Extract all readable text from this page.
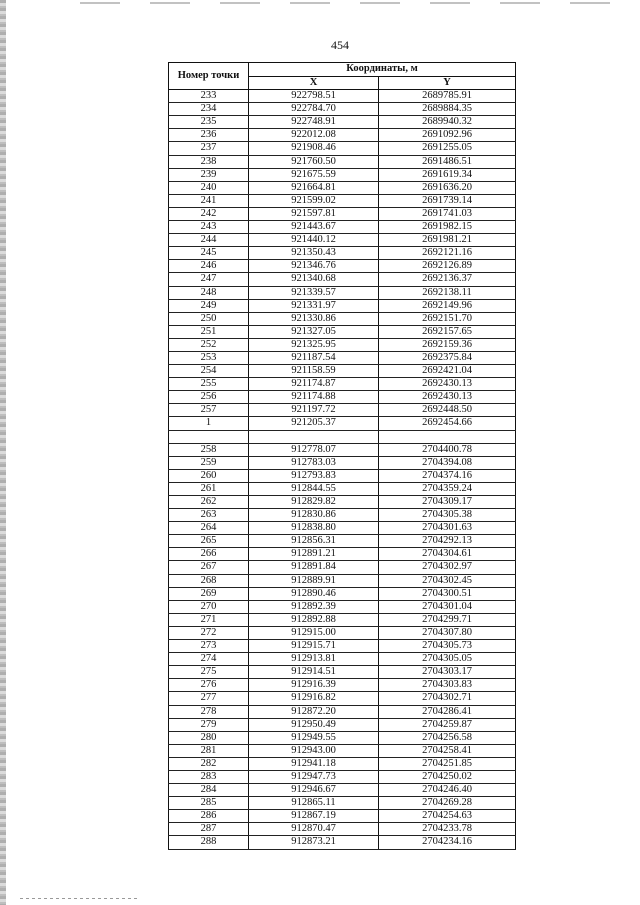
454
Номер точки	Координаты, м	
	X	Y
233	922798.51	2689785.91
234	922784.70	2689884.35
235	922748.91	2689940.32
236	922012.08	2691092.96
237	921908.46	2691255.05
238	921760.50	2691486.51
239	921675.59	2691619.34
240	921664.81	2691636.20
241	921599.02	2691739.14
242	921597.81	2691741.03
243	921443.67	2691982.15
244	921440.12	2691981.21
245	921350.43	2692121.16
246	921346.76	2692126.89
247	921340.68	2692136.37
248	921339.57	2692138.11
249	921331.97	2692149.96
250	921330.86	2692151.70
251	921327.05	2692157.65
252	921325.95	2692159.36
253	921187.54	2692375.84
254	921158.59	2692421.04
255	921174.87	2692430.13
256	921174.88	2692430.13
257	921197.72	2692448.50
1	921205.37	2692454.66

258	912778.07	2704400.78
259	912783.03	2704394.08
260	912793.83	2704374.16
261	912844.55	2704359.24
262	912829.82	2704309.17
263	912830.86	2704305.38
264	912838.80	2704301.63
265	912856.31	2704292.13
266	912891.21	2704304.61
267	912891.84	2704302.97
268	912889.91	2704302.45
269	912890.46	2704300.51
270	912892.39	2704301.04
271	912892.88	2704299.71
272	912915.00	2704307.80
273	912915.71	2704305.73
274	912913.81	2704305.05
275	912914.51	2704303.17
276	912916.39	2704303.83
277	912916.82	2704302.71
278	912872.20	2704286.41
279	912950.49	2704259.87
280	912949.55	2704256.58
281	912943.00	2704258.41
282	912941.18	2704251.85
283	912947.73	2704250.02
284	912946.67	2704246.40
285	912865.11	2704269.28
286	912867.19	2704254.63
287	912870.47	2704233.78
288	912873.21	2704234.16
